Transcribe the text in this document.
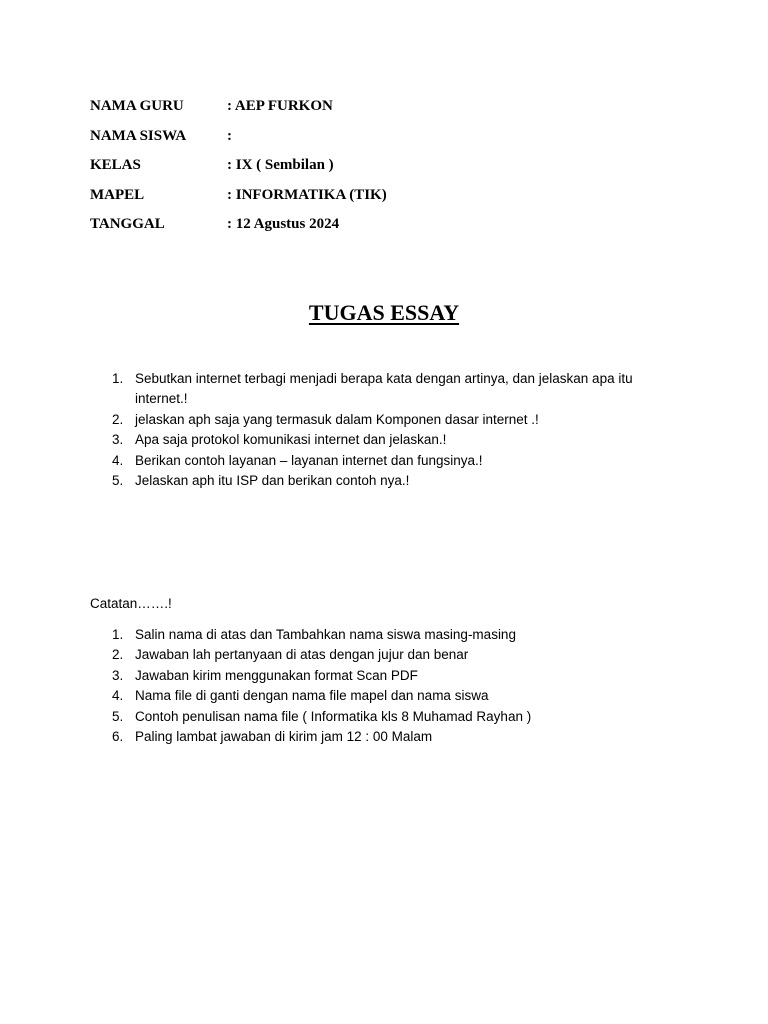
NAMA GURU	: AEP FURKON
NAMA SISWA	:
KELAS	: IX ( Sembilan )
MAPEL	: INFORMATIKA (TIK)
TANGGAL	: 12 Agustus 2024
TUGAS ESSAY
1. Sebutkan internet terbagi menjadi berapa kata dengan artinya, dan jelaskan apa itu internet.!
2. jelaskan aph saja yang termasuk dalam Komponen dasar internet .!
3. Apa saja protokol komunikasi internet dan jelaskan.!
4. Berikan contoh layanan – layanan internet dan fungsinya.!
5. Jelaskan aph itu ISP dan berikan contoh nya.!
Catatan…….!
1. Salin nama di atas dan Tambahkan nama siswa masing-masing
2. Jawaban lah pertanyaan di atas dengan jujur dan benar
3. Jawaban kirim menggunakan format Scan PDF
4. Nama file di ganti dengan nama file mapel dan nama siswa
5. Contoh penulisan nama file ( Informatika kls 8 Muhamad Rayhan )
6. Paling lambat jawaban di kirim jam 12 : 00 Malam
